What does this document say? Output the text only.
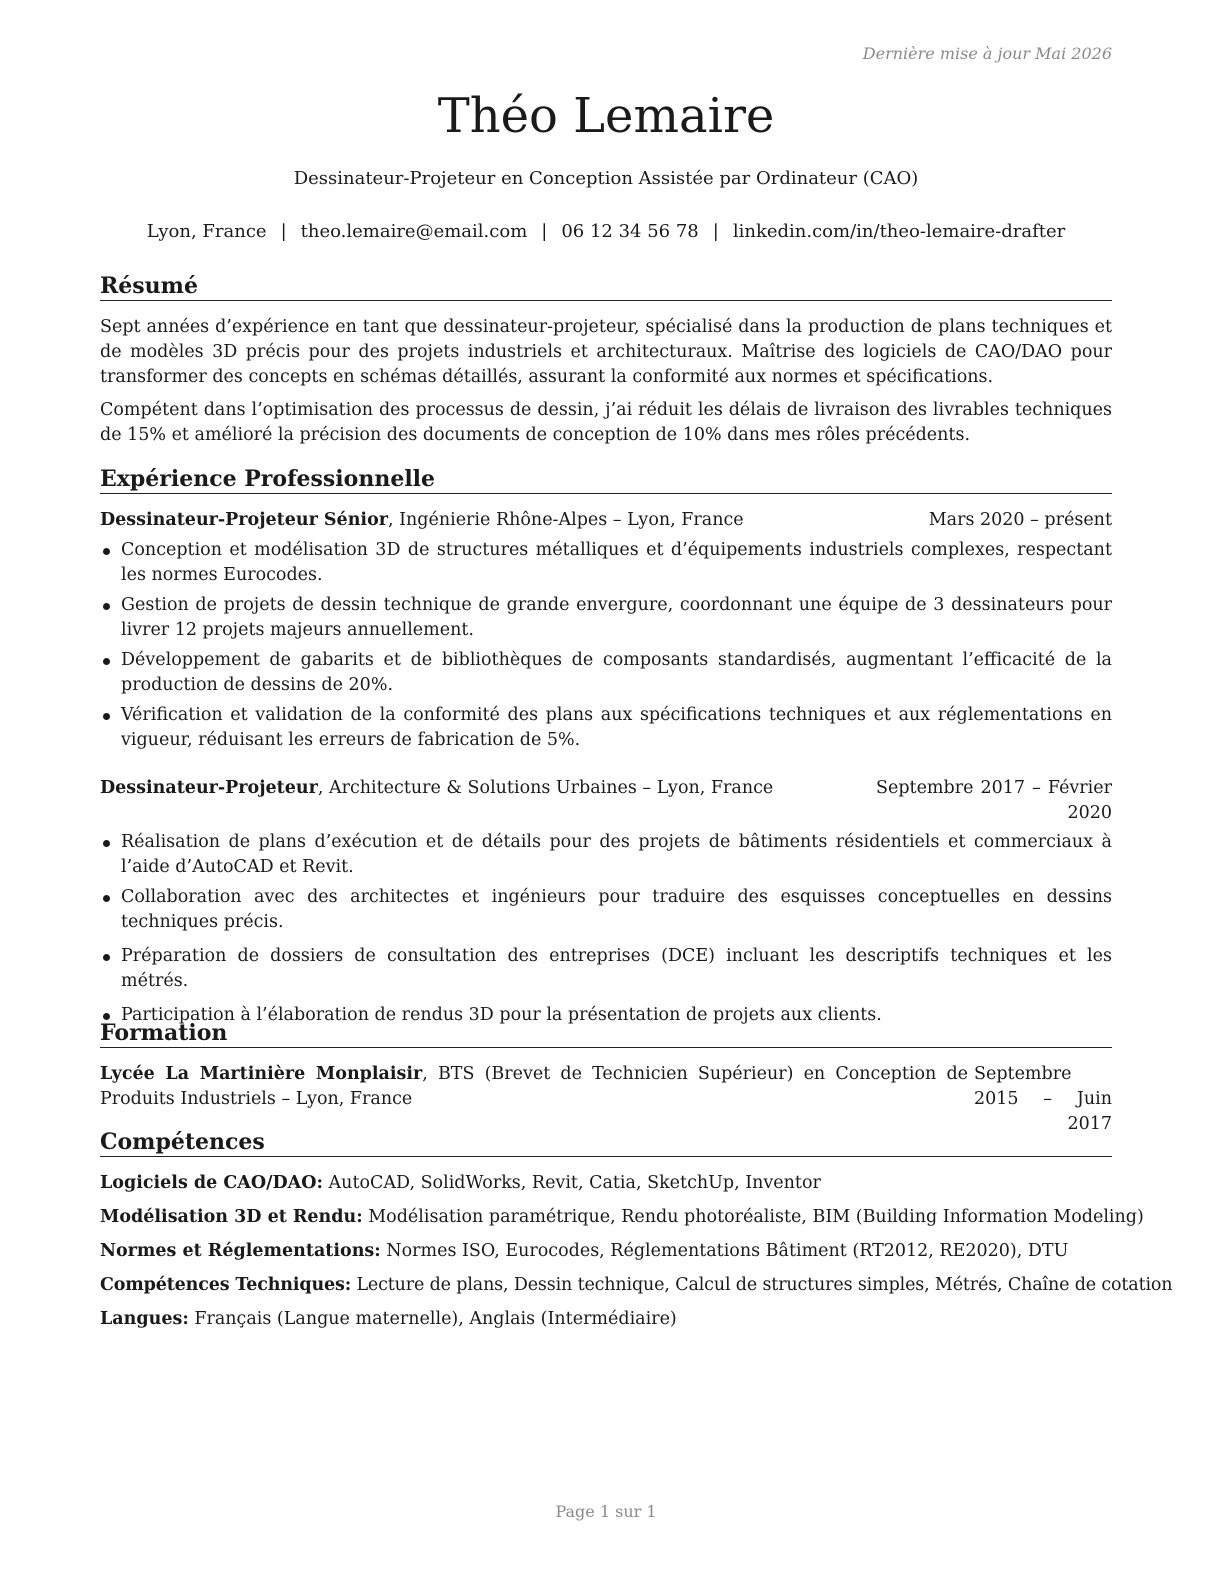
Dernière mise à jour Mai 2026
Théo Lemaire
Dessinateur-Projeteur en Conception Assistée par Ordinateur (CAO)
Lyon, France | theo.lemaire@email.com | 06 12 34 56 78 | linkedin.com/in/theo-lemaire-drafter
Résumé

Sept années d’expérience en tant que dessinateur-projeteur, spécialisé dans la production de plans techniques et de modèles 3D précis pour des projets industriels et architecturaux. Maîtrise des logiciels de CAO/DAO pour transformer des concepts en schémas détaillés, assurant la conformité aux normes et spécifications.

Compétent dans l’optimisation des processus de dessin, j’ai réduit les délais de livraison des livrables techniques de 15% et amélioré la précision des documents de conception de 10% dans mes rôles précédents.

Expérience Professionnelle
Dessinateur-Projeteur Sénior, Ingénierie Rhône-Alpes – Lyon, France	Mars 2020 – présent
Conception et modélisation 3D de structures métalliques et d’équipements industriels complexes, respectant les normes Eurocodes.
Gestion de projets de dessin technique de grande envergure, coordonnant une équipe de 3 dessinateurs pour livrer 12 projets majeurs annuellement.
Développement de gabarits et de bibliothèques de composants standardisés, augmentant l’efficacité de la production de dessins de 20%.
Vérification et validation de la conformité des plans aux spécifications techniques et aux réglementations en vigueur, réduisant les erreurs de fabrication de 5%.
Dessinateur-Projeteur, Architecture & Solutions Urbaines – Lyon, France	Septembre 2017 – Février 2020
Réalisation de plans d’exécution et de détails pour des projets de bâtiments résidentiels et commerciaux à l’aide d’AutoCAD et Revit.
Collaboration avec des architectes et ingénieurs pour traduire des esquisses conceptuelles en dessins techniques précis.
Préparation de dossiers de consultation des entreprises (DCE) incluant les descriptifs techniques et les métrés.
Participation à l’élaboration de rendus 3D pour la présentation de projets aux clients.
Formation
Lycée La Martinière Monplaisir, BTS (Brevet de Technicien Supérieur) en Conception de Produits Industriels – Lyon, France
Septembre 2015 – Juin 2017
Compétences
Logiciels de CAO/DAO: AutoCAD, SolidWorks, Revit, Catia, SketchUp, Inventor
Modélisation 3D et Rendu: Modélisation paramétrique, Rendu photoréaliste, BIM (Building Information Modeling)
Normes et Réglementations: Normes ISO, Eurocodes, Réglementations Bâtiment (RT2012, RE2020), DTU
Compétences Techniques: Lecture de plans, Dessin technique, Calcul de structures simples, Métrés, Chaîne de cotation
Langues: Français (Langue maternelle), Anglais (Intermédiaire)
Page 1 sur 1
